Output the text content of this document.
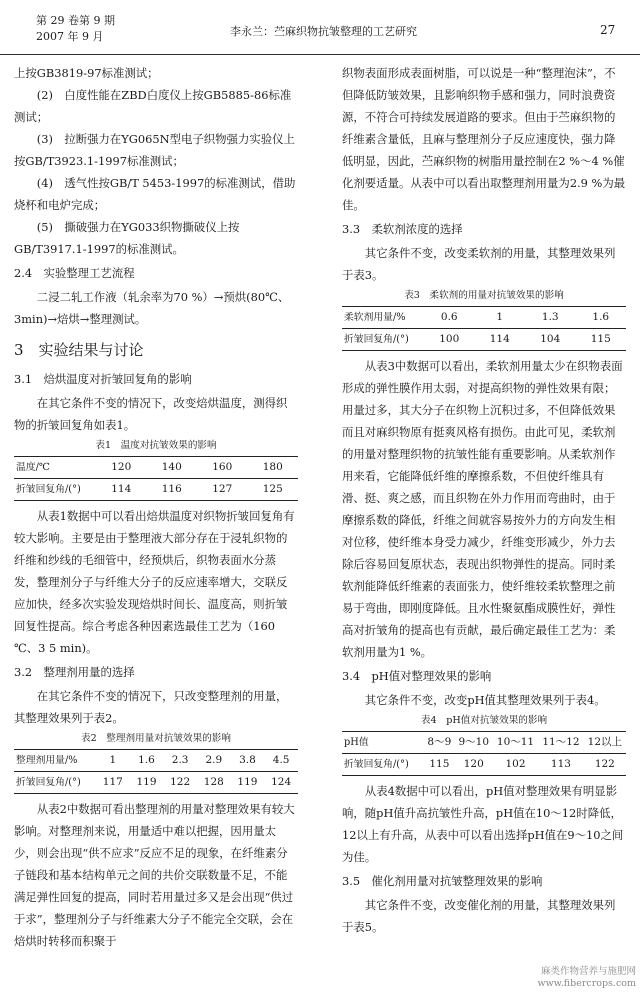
第 29 卷第 9 期
2007 年 9 月	李永兰：苎麻织物抗皱整理的工艺研究	27

上按GB3819-97标准测试；

(2)　白度性能在ZBD白度仪上按GB5885-86标准测试；

(3)　拉断强力在YG065N型电子织物强力实验仪上按GB/T3923.1-1997标准测试；

(4)　透气性按GB/T 5453-1997的标准测试，借助烧杯和电炉完成；

(5)　撕破强力在YG033织物撕破仪上按GB/T3917.1-1997的标准测试。

2.4　实验整理工艺流程

二浸二轧工作液（轧余率为70 %）→预烘(80℃、3min)→焙烘→整理测试。

3　实验结果与讨论

3.1　焙烘温度对折皱回复角的影响

在其它条件不变的情况下，改变焙烘温度，测得织物的折皱回复角如表1。

表1　温度对抗皱效果的影响
温度/℃	120	140	160	180
折皱回复角/(°)	114	116	127	125

从表1数据中可以看出焙烘温度对织物折皱回复角有较大影响。主要是由于整理液大部分存在于浸轧织物的纤维和纱线的毛细管中，经预烘后，织物表面水分蒸发，整理剂分子与纤维大分子的反应速率增大，交联反应加快，经多次实验发现焙烘时间长、温度高，则折皱回复性提高。综合考虑各种因素选最佳工艺为（160 ℃、3 5 min)。

3.2　整理剂用量的选择

在其它条件不变的情况下，只改变整理剂的用量，其整理效果列于表2。

表2　整理剂用量对抗皱效果的影响
整理剂用量/%	1	1.6	2.3	2.9	3.8	4.5
折皱回复角/(°)	117	119	122	128	119	124

从表2中数据可看出整理剂的用量对整理效果有较大影响。对整理剂来说，用量适中难以把握，因用量太少，则会出现“供不应求”反应不足的现象，在纤维素分子链段和基本结构单元之间的共价交联数量不足，不能满足弹性回复的提高，同时若用量过多又是会出现“供过于求”，整理剂分子与纤维素大分子不能完全交联，会在焙烘时转移而积聚于

织物表面形成表面树脂，可以说是一种“整理泡沫”，不但降低防皱效果，且影响织物手感和强力，同时浪费资源，不符合可持续发展道路的要求。但由于苎麻织物的纤维素含量低，且麻与整理剂分子反应速度快，强力降低明显，因此，苎麻织物的树脂用量控制在2 %～4 %催化剂要适量。从表中可以看出取整理剂用量为2.9 %为最佳。

3.3　柔软剂浓度的选择

其它条件不变，改变柔软剂的用量，其整理效果列于表3。

表3　柔软剂的用量对抗皱效果的影响
柔软剂用量/%	0.6	1	1.3	1.6
折皱回复角/(°)	100	114	104	115

从表3中数据可以看出，柔软剂用量太少在织物表面形成的弹性膜作用太弱，对提高织物的弹性效果有限；用量过多，其大分子在织物上沉积过多，不但降低效果而且对麻织物原有挺爽风格有损伤。由此可见，柔软剂的用量对整理织物的抗皱性能有重要影响。从柔软剂作用来看，它能降低纤维的摩擦系数，不但使纤维具有滑、挺、爽之感，而且织物在外力作用而弯曲时，由于摩擦系数的降低，纤维之间就容易按外力的方向发生相对位移，使纤维本身受力减少，纤维变形减少，外力去除后容易回复原状态，表现出织物弹性的提高。同时柔软剂能降低纤维素的表面张力，使纤维较柔软整理之前易于弯曲，即刚度降低。且水性聚氨酯成膜性好，弹性高对折皱角的提高也有贡献，最后确定最佳工艺为：柔软剂用量为1 %。

3.4　pH值对整理效果的影响

其它条件不变，改变pH值其整理效果列于表4。

表4　pH值对抗皱效果的影响
pH值	8～9	9～10	10～11	11～12	12以上
折皱回复角/(°)	115	120	102	113	122

从表4数据中可以看出，pH值对整理效果有明显影响，随pH值升高抗皱性升高，pH值在10～12时降低，12以上有升高，从表中可以看出选择pH值在9～10之间为佳。

3.5　催化剂用量对抗皱整理效果的影响

其它条件不变，改变催化剂的用量，其整理效果列于表5。

麻类作物营养与施肥网
www.fibercrops.com
